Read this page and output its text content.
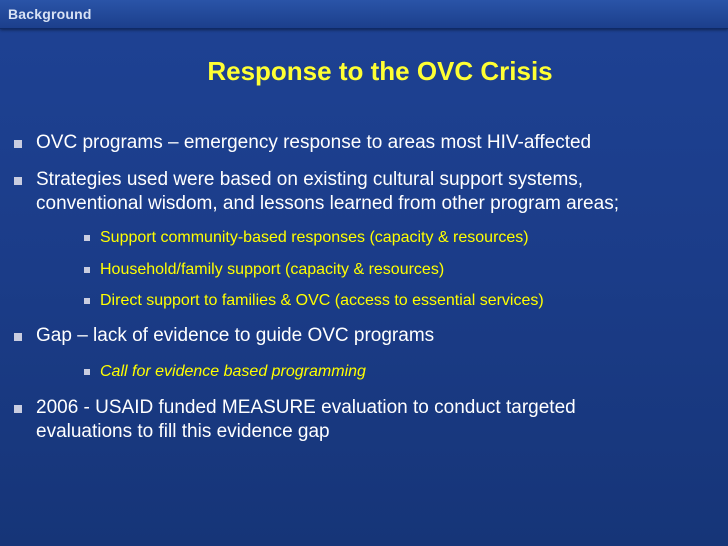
Background
Response to the OVC Crisis
OVC programs – emergency response to areas most HIV-affected
Strategies used were based on existing cultural support systems,
conventional wisdom, and lessons learned from other program areas;
Support community-based responses (capacity & resources)
Household/family support (capacity & resources)
Direct support to families & OVC (access to essential services)
Gap – lack of evidence to guide OVC programs
Call for evidence based programming
2006 - USAID funded MEASURE evaluation to conduct targeted
evaluations to fill this evidence gap
